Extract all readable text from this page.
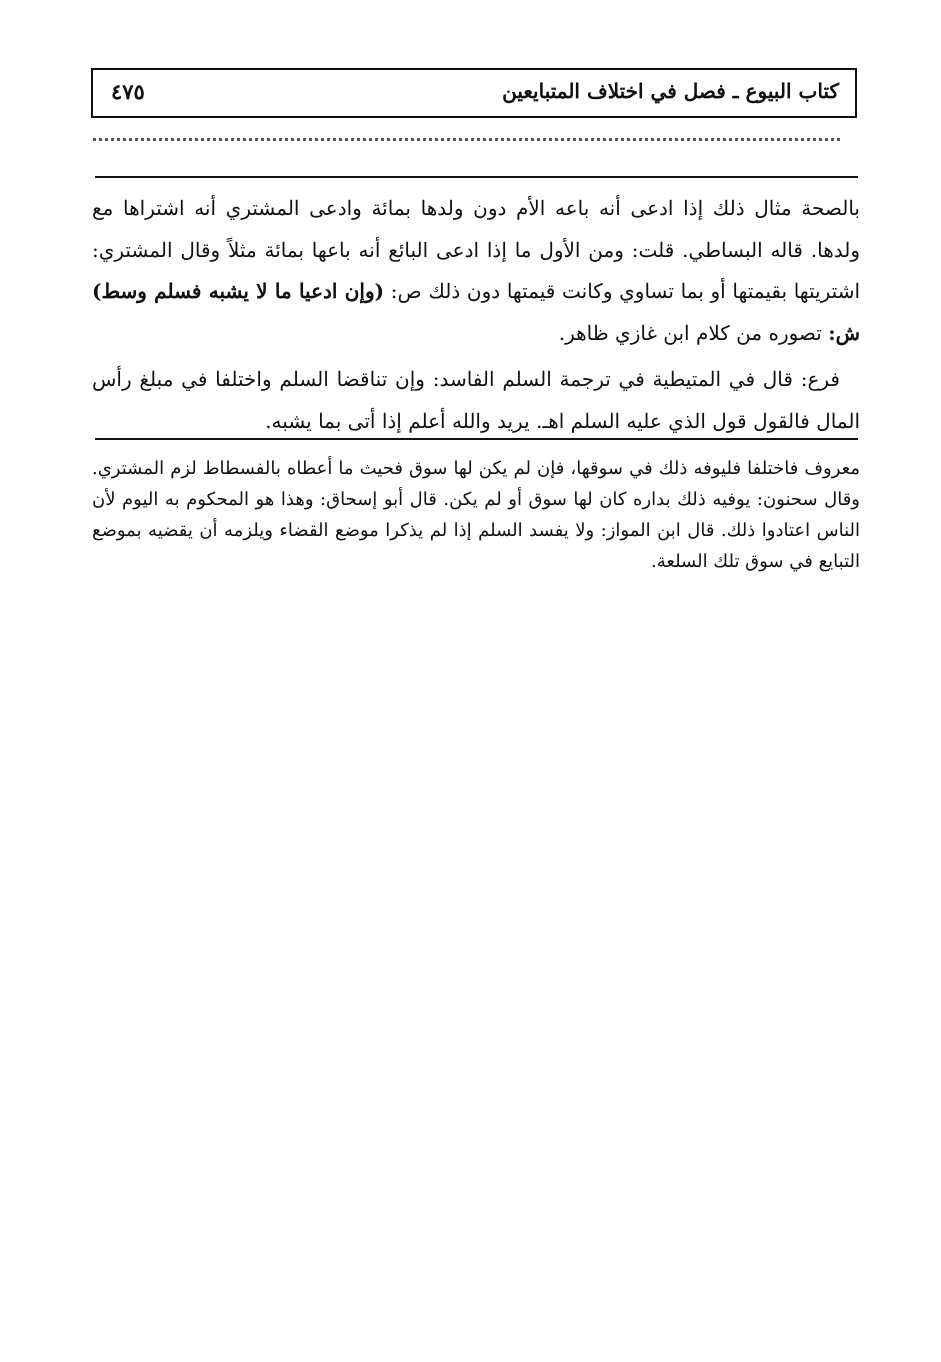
كتاب البيوع ـ فصل في اختلاف المتبايعين
٤٧٥

بالصحة مثال ذلك إذا ادعى أنه باعه الأم دون ولدها بمائة وادعى المشتري أنه اشتراها مع ولدها. قاله البساطي. قلت: ومن الأول ما إذا ادعى البائع أنه باعها بمائة مثلاً وقال المشتري: اشتريتها بقيمتها أو بما تساوي وكانت قيمتها دون ذلك ص: (وإن ادعيا ما لا يشبه فسلم وسط) ش: تصوره من كلام ابن غازي ظاهر.

فرع: قال في المتيطية في ترجمة السلم الفاسد: وإن تناقضا السلم واختلفا في مبلغ رأس المال فالقول قول الذي عليه السلم اهـ. يريد والله أعلم إذا أتى بما يشبه.

معروف فاختلفا فليوفه ذلك في سوقها، فإن لم يكن لها سوق فحيث ما أعطاه بالفسطاط لزم المشتري. وقال سحنون: يوفيه ذلك بداره كان لها سوق أو لم يكن. قال أبو إسحاق: وهذا هو المحكوم به اليوم لأن الناس اعتادوا ذلك. قال ابن المواز: ولا يفسد السلم إذا لم يذكرا موضع القضاء ويلزمه أن يقضيه بموضع التبايع في سوق تلك السلعة.
